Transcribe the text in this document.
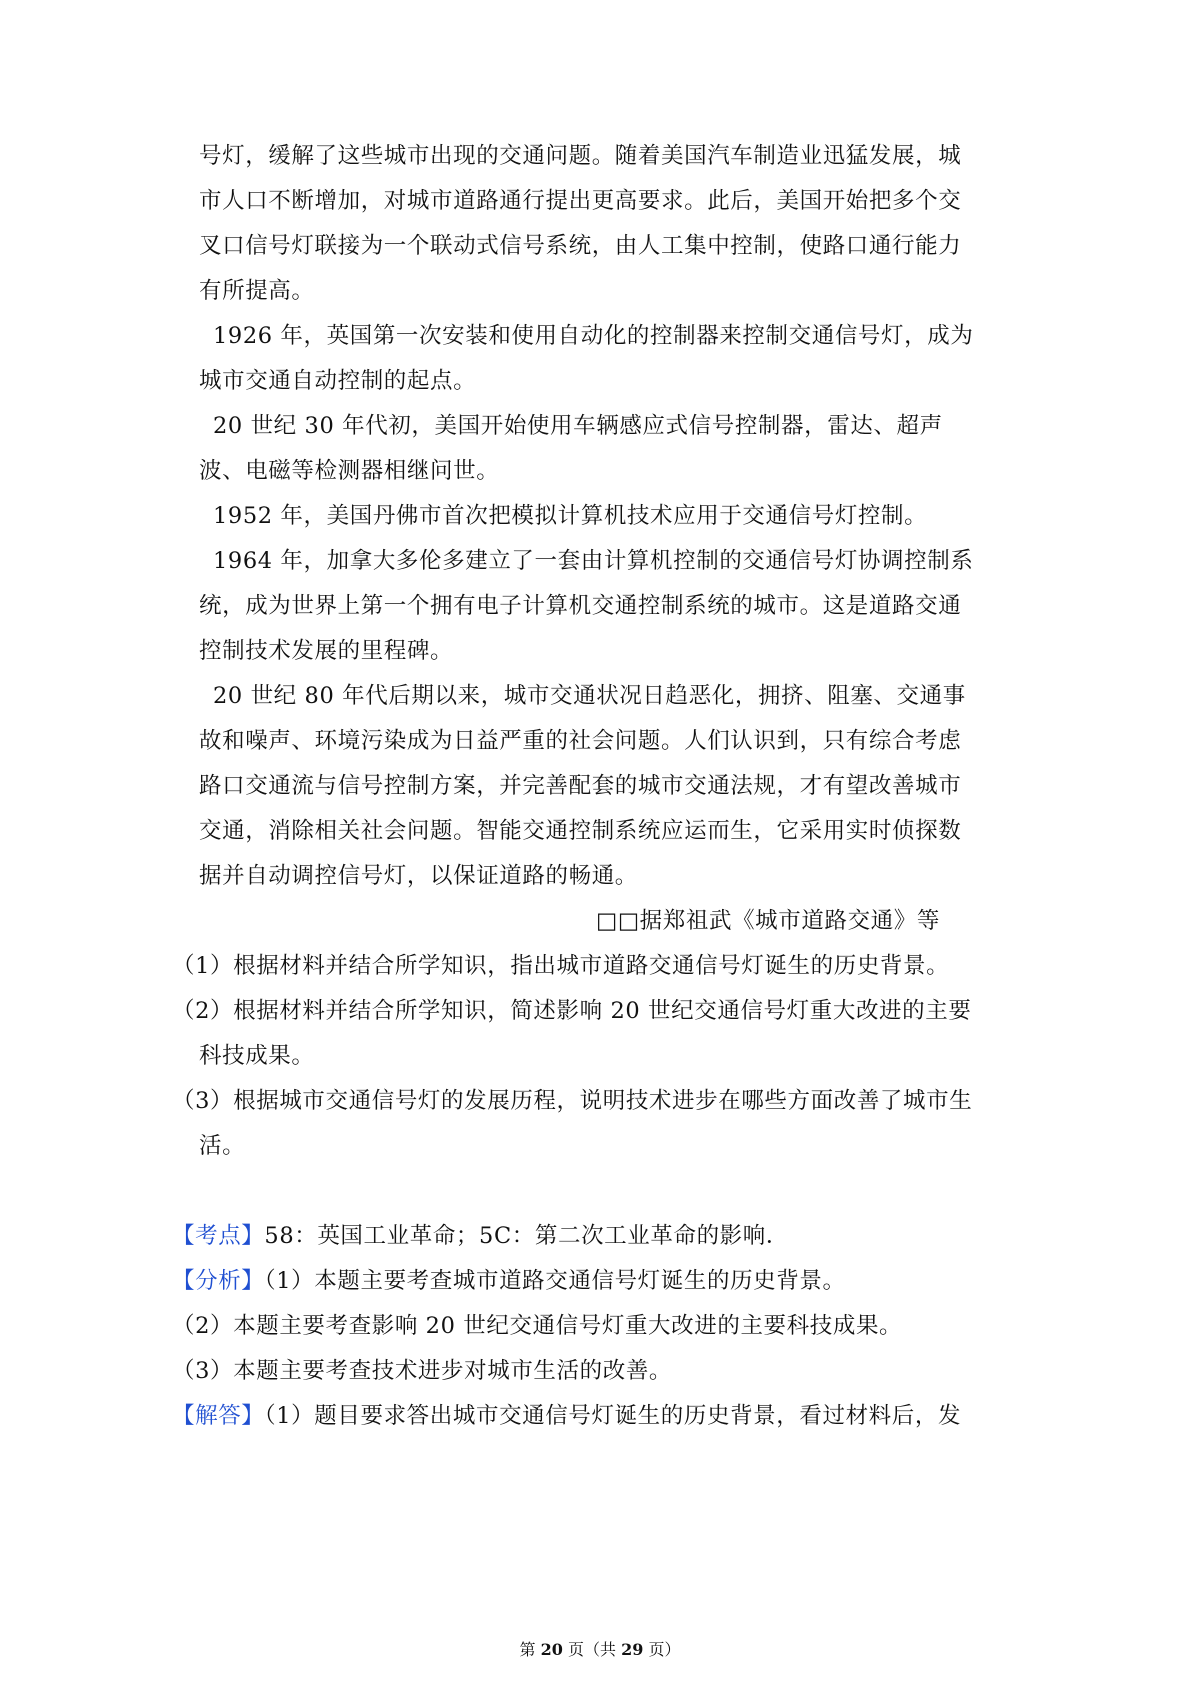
号灯，缓解了这些城市出现的交通问题。随着美国汽车制造业迅猛发展，城
市人口不断增加，对城市道路通行提出更高要求。此后，美国开始把多个交
叉口信号灯联接为一个联动式信号系统，由人工集中控制，使路口通行能力
有所提高。
1926 年，英国第一次安装和使用自动化的控制器来控制交通信号灯，成为
城市交通自动控制的起点。
20 世纪 30 年代初，美国开始使用车辆感应式信号控制器，雷达、超声
波、电磁等检测器相继问世。
1952 年，美国丹佛市首次把模拟计算机技术应用于交通信号灯控制。
1964 年，加拿大多伦多建立了一套由计算机控制的交通信号灯协调控制系
统，成为世界上第一个拥有电子计算机交通控制系统的城市。这是道路交通
控制技术发展的里程碑。
20 世纪 80 年代后期以来，城市交通状况日趋恶化，拥挤、阻塞、交通事
故和噪声、环境污染成为日益严重的社会问题。人们认识到，只有综合考虑
路口交通流与信号控制方案，并完善配套的城市交通法规，才有望改善城市
交通，消除相关社会问题。智能交通控制系统应运而生，它采用实时侦探数
据并自动调控信号灯，以保证道路的畅通。
□□据郑祖武《城市道路交通》等
（1）根据材料并结合所学知识，指出城市道路交通信号灯诞生的历史背景。
（2）根据材料并结合所学知识，简述影响 20 世纪交通信号灯重大改进的主要
科技成果。
（3）根据城市交通信号灯的发展历程，说明技术进步在哪些方面改善了城市生
活。
【考点】58：英国工业革命；5C：第二次工业革命的影响．
【分析】（1）本题主要考查城市道路交通信号灯诞生的历史背景。
（2）本题主要考查影响 20 世纪交通信号灯重大改进的主要科技成果。
（3）本题主要考查技术进步对城市生活的改善。
【解答】（1）题目要求答出城市交通信号灯诞生的历史背景，看过材料后，发
第 20 页（共 29 页）
